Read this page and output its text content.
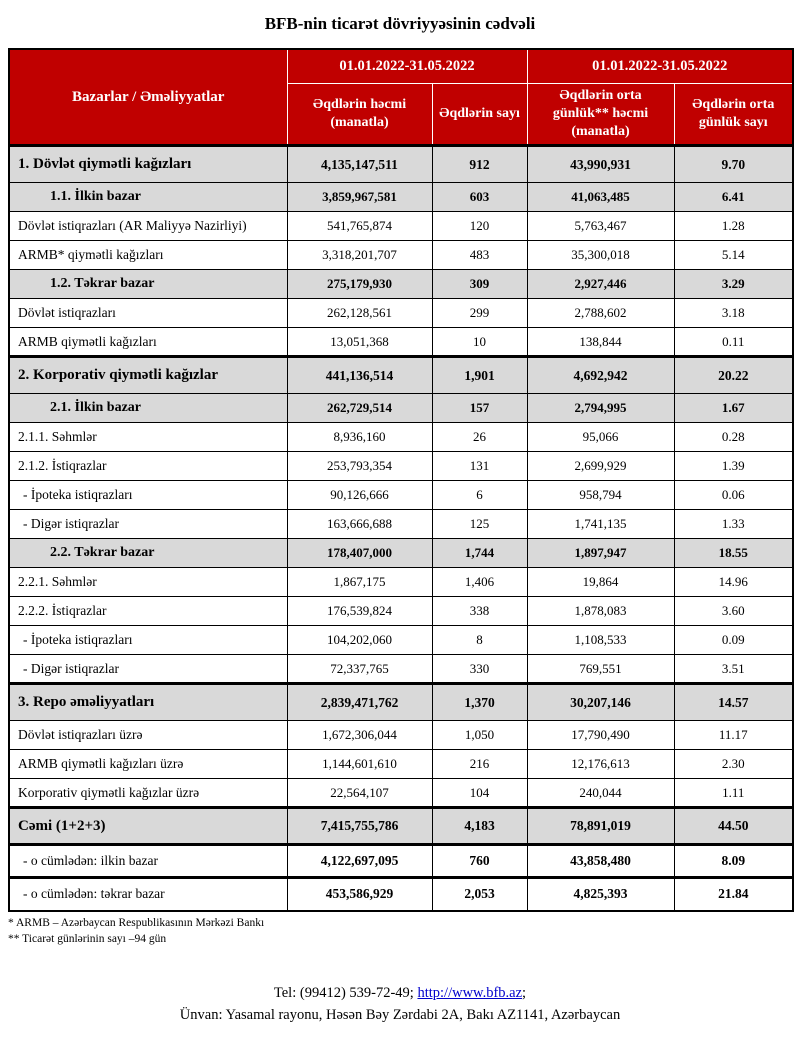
BFB-nin ticarət dövriyyəsinin cədvəli
Bazarlar / Əməliyyatlar	01.01.2022-31.05.2022		01.01.2022-31.05.2022	
	Əqdlərin həcmi (manatla)	Əqdlərin sayı	Əqdlərin orta günlük** həcmi (manatla)	Əqdlərin orta günlük sayı
1. Dövlət qiymətli kağızları	4,135,147,511	912	43,990,931	9.70
1.1. İlkin bazar	3,859,967,581	603	41,063,485	6.41
Dövlət istiqrazları (AR Maliyyə Nazirliyi)	541,765,874	120	5,763,467	1.28
ARMB* qiymətli kağızları	3,318,201,707	483	35,300,018	5.14
1.2. Təkrar bazar	275,179,930	309	2,927,446	3.29
Dövlət istiqrazları	262,128,561	299	2,788,602	3.18
ARMB qiymətli kağızları	13,051,368	10	138,844	0.11
2. Korporativ qiymətli kağızlar	441,136,514	1,901	4,692,942	20.22
2.1. İlkin bazar	262,729,514	157	2,794,995	1.67
2.1.1. Səhmlər	8,936,160	26	95,066	0.28
2.1.2. İstiqrazlar	253,793,354	131	2,699,929	1.39
- İpoteka istiqrazları	90,126,666	6	958,794	0.06
- Digər istiqrazlar	163,666,688	125	1,741,135	1.33
2.2. Təkrar bazar	178,407,000	1,744	1,897,947	18.55
2.2.1. Səhmlər	1,867,175	1,406	19,864	14.96
2.2.2. İstiqrazlar	176,539,824	338	1,878,083	3.60
- İpoteka istiqrazları	104,202,060	8	1,108,533	0.09
- Digər istiqrazlar	72,337,765	330	769,551	3.51
3. Repo əməliyyatları	2,839,471,762	1,370	30,207,146	14.57
Dövlət istiqrazları üzrə	1,672,306,044	1,050	17,790,490	11.17
ARMB qiymətli kağızları üzrə	1,144,601,610	216	12,176,613	2.30
Korporativ qiymətli kağızlar üzrə	22,564,107	104	240,044	1.11
Cəmi (1+2+3)	7,415,755,786	4,183	78,891,019	44.50
- o cümlədən: ilkin bazar	4,122,697,095	760	43,858,480	8.09
- o cümlədən: təkrar bazar	453,586,929	2,053	4,825,393	21.84
* ARMB – Azərbaycan Respublikasının Mərkəzi Bankı
** Ticarət günlərinin sayı –94 gün
Tel: (99412) 539-72-49; http://www.bfb.az;
Ünvan: Yasamal rayonu, Həsən Bəy Zərdabi 2A, Bakı AZ1141, Azərbaycan
